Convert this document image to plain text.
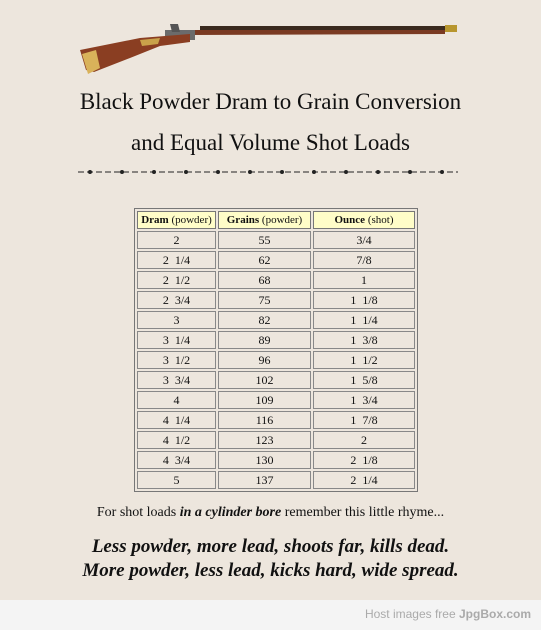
Black Powder Dram to Grain Conversion
and Equal Volume Shot Loads
Dram (powder)	Grains (powder)	Ounce (shot)
2	55	3/4
2  1/4	62	7/8
2  1/2	68	1
2  3/4	75	1  1/8
3	82	1  1/4
3  1/4	89	1  3/8
3  1/2	96	1  1/2
3  3/4	102	1  5/8
4	109	1  3/4
4  1/4	116	1  7/8
4  1/2	123	2
4  3/4	130	2  1/8
5	137	2  1/4
For shot loads in a cylinder bore remember this little rhyme...
Less powder, more lead, shoots far, kills dead.
More powder, less lead, kicks hard, wide spread.
Host images free JpgBox.com
